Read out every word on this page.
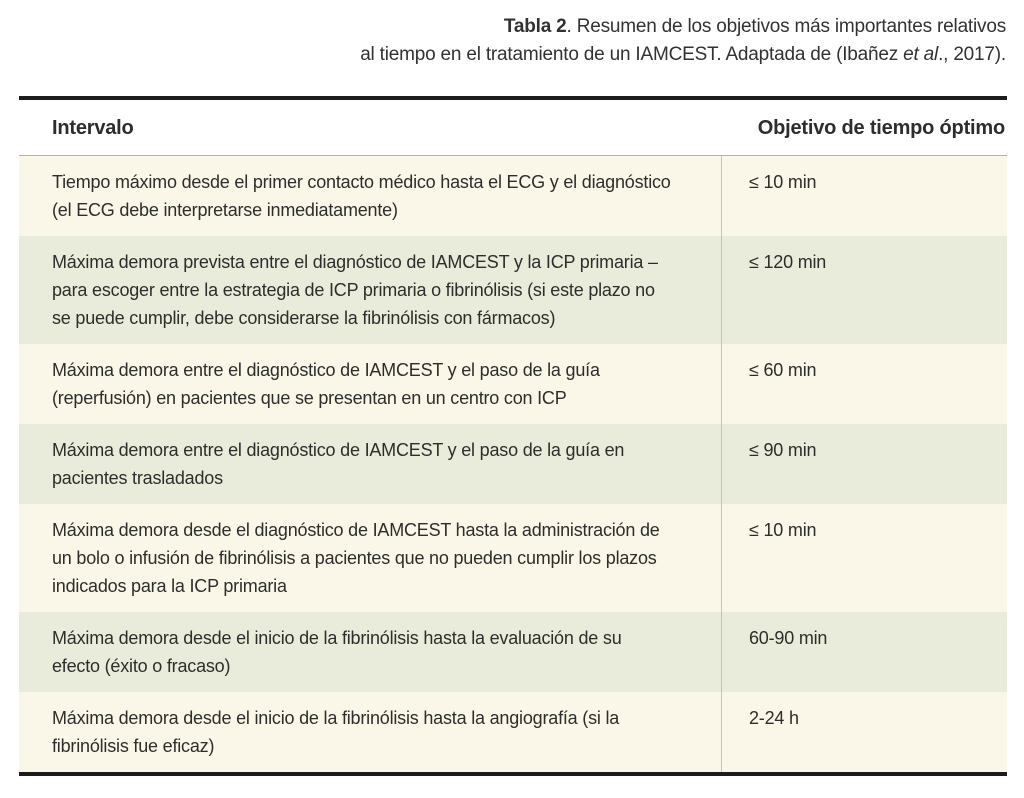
Tabla 2. Resumen de los objetivos más importantes relativos
al tiempo en el tratamiento de un IAMCEST. Adaptada de (Ibañez et al., 2017).
Intervalo	Objetivo de tiempo óptimo
Tiempo máximo desde el primer contacto médico hasta el ECG y el diagnóstico (el ECG debe interpretarse inmediatamente)
≤ 10 min
Máxima demora prevista entre el diagnóstico de IAMCEST y la ICP primaria – para escoger entre la estrategia de ICP primaria o fibrinólisis (si este plazo no se puede cumplir, debe considerarse la fibrinólisis con fármacos)
≤ 120 min
Máxima demora entre el diagnóstico de IAMCEST y el paso de la guía (reperfusión) en pacientes que se presentan en un centro con ICP
≤ 60 min
Máxima demora entre el diagnóstico de IAMCEST y el paso de la guía en pacientes trasladados
≤ 90 min
Máxima demora desde el diagnóstico de IAMCEST hasta la administración de un bolo o infusión de fibrinólisis a pacientes que no pueden cumplir los plazos indicados para la ICP primaria
≤ 10 min
Máxima demora desde el inicio de la fibrinólisis hasta la evaluación de su efecto (éxito o fracaso)
60-90 min
Máxima demora desde el inicio de la fibrinólisis hasta la angiografía (si la fibrinólisis fue eficaz)
2-24 h
